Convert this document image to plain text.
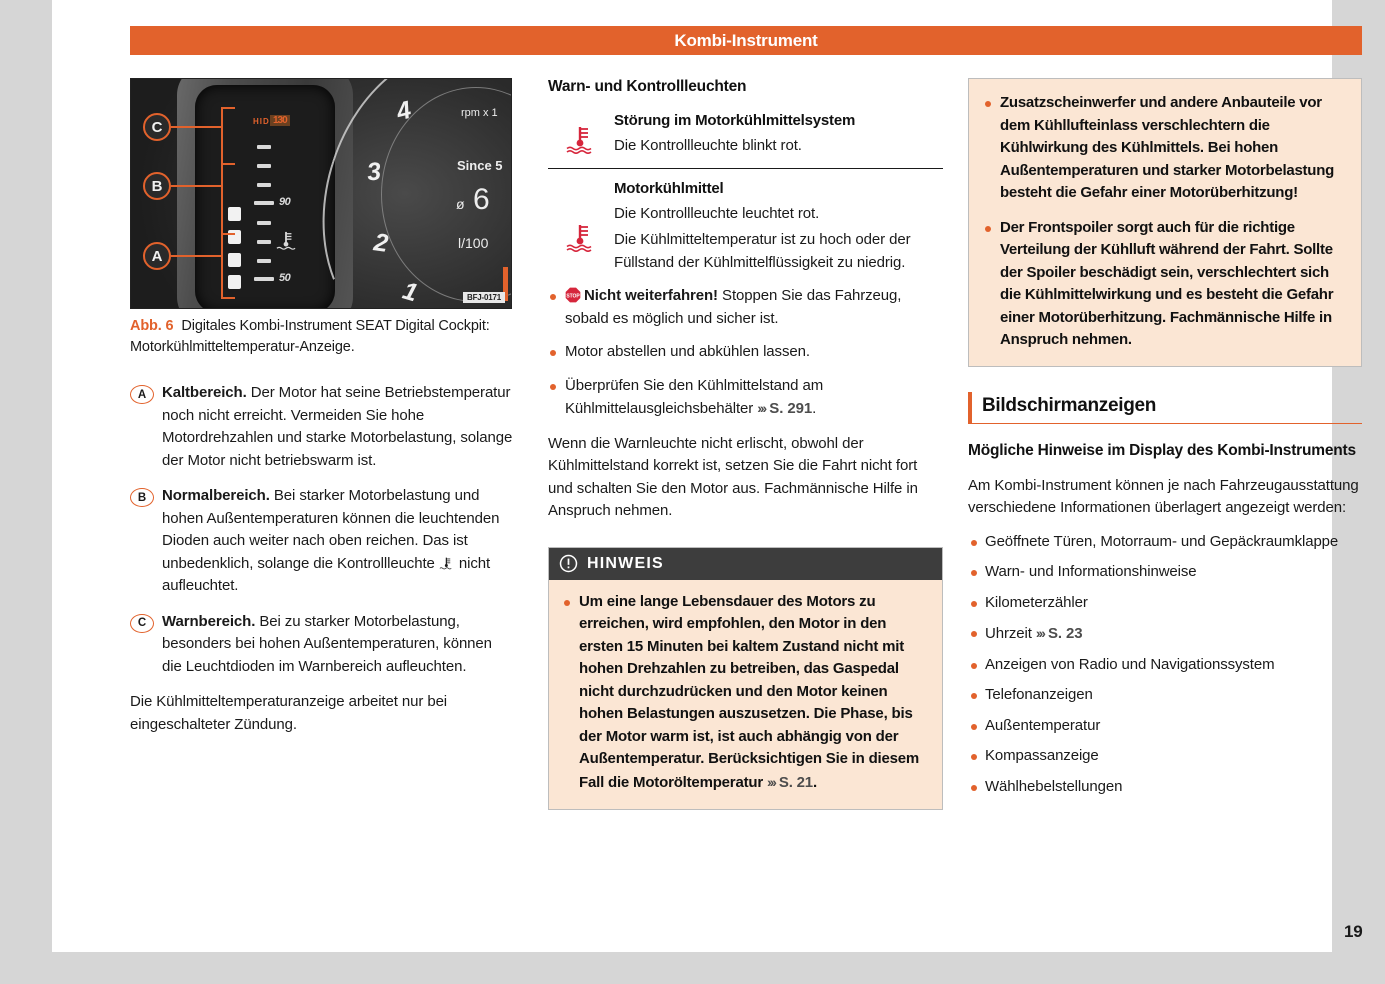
Kombi-Instrument
HID 130
90
50
C
B
A
4
3
2
1
rpm x 1
Since 5
ø 6
l/100
BFJ-0171
Abb. 6 Digitales Kombi-Instrument SEAT Digital Cockpit: Motorkühlmitteltemperatur-Anzeige.
A	Kaltbereich. Der Motor hat seine Betriebstemperatur noch nicht erreicht. Vermeiden Sie hohe Motordrehzahlen und starke Motorbelastung, solange der Motor nicht betriebswarm ist.
B	Normalbereich. Bei starker Motorbelastung und hohen Außentemperaturen können die leuchtenden Dioden auch weiter nach oben reichen. Das ist unbedenklich, solange die Kontrollleuchte  nicht aufleuchtet.
C	Warnbereich. Bei zu starker Motorbelastung, besonders bei hohen Außentemperaturen, können die Leuchtdioden im Warnbereich aufleuchten.
Die Kühlmitteltemperaturanzeige arbeitet nur bei eingeschalteter Zündung.
Warn- und Kontrollleuchten
Störung im Motorkühlmittelsystem
Die Kontrollleuchte blinkt rot.
Motorkühlmittel
Die Kontrollleuchte leuchtet rot.
Die Kühlmitteltemperatur ist zu hoch oder der Füllstand der Kühlmittelflüssigkeit zu niedrig.
STOP Nicht weiterfahren! Stoppen Sie das Fahrzeug, sobald es möglich und sicher ist.
Motor abstellen und abkühlen lassen.
Überprüfen Sie den Kühlmittelstand am Kühlmittelausgleichsbehälter ››› S. 291.
Wenn die Warnleuchte nicht erlischt, obwohl der Kühlmittelstand korrekt ist, setzen Sie die Fahrt nicht fort und schalten Sie den Motor aus. Fachmännische Hilfe in Anspruch nehmen.
HINWEIS
Um eine lange Lebensdauer des Motors zu erreichen, wird empfohlen, den Motor in den ersten 15 Minuten bei kaltem Zustand nicht mit hohen Drehzahlen zu betreiben, das Gaspedal nicht durchzudrücken und den Motor keinen hohen Belastungen auszusetzen. Die Phase, bis der Motor warm ist, ist auch abhängig von der Außentemperatur. Berücksichtigen Sie in diesem Fall die Motoröltemperatur ››› S. 21.
Zusatzscheinwerfer und andere Anbauteile vor dem Kühllufteinlass verschlechtern die Kühlwirkung des Kühlmittels. Bei hohen Außentemperaturen und starker Motorbelastung besteht die Gefahr einer Motorüberhitzung!
Der Frontspoiler sorgt auch für die richtige Verteilung der Kühlluft während der Fahrt. Sollte der Spoiler beschädigt sein, verschlechtert sich die Kühlmittelwirkung und es besteht die Gefahr einer Motorüberhitzung. Fachmännische Hilfe in Anspruch nehmen.
Bildschirmanzeigen
Mögliche Hinweise im Display des Kombi-Instruments
Am Kombi-Instrument können je nach Fahrzeugausstattung verschiedene Informationen überlagert angezeigt werden:
Geöffnete Türen, Motorraum- und Gepäckraumklappe
Warn- und Informationshinweise
Kilometerzähler
Uhrzeit ››› S. 23
Anzeigen von Radio und Navigationssystem
Telefonanzeigen
Außentemperatur
Kompassanzeige
Wählhebelstellungen
19
